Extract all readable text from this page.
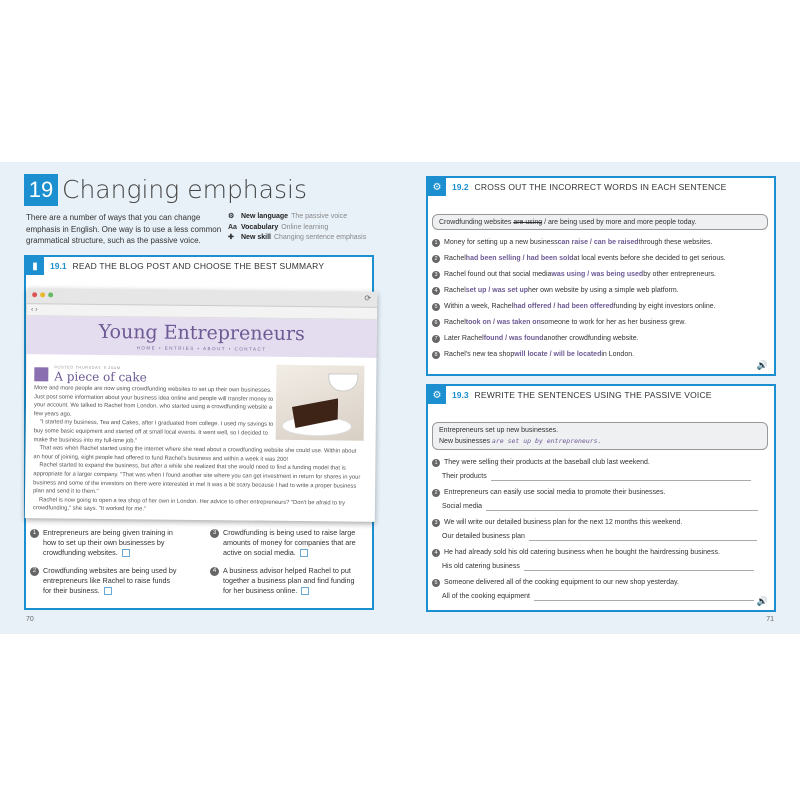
19 Changing emphasis
There are a number of ways that you can change emphasis in English. One way is to use a less common grammatical structure, such as the passive voice.
⚙ New language The passive voice
Aa Vocabulary Online learning
✚	New skill Changing sentence emphasis
▮	19.1 READ THE BLOG POST AND CHOOSE THE BEST SUMMARY
⟳
‹ ›
Young Entrepreneurs
HOME • ENTRIES • ABOUT • CONTACT
POSTED THURSDAY, 5.20AM
A piece of cake

More and more people are now using crowdfunding websites to set up their own businesses. Just post some information about your business idea online and people will transfer money to your account. We talked to Rachel from London, who started using a crowdfunding website a few years ago.

"I started my business, Tea and Cakes, after I graduated from college. I used my savings to buy some basic equipment and started off at small local events. It went well, so I decided to make the business into my full-time job."

That was when Rachel started using the internet where she read about a crowdfunding website she could use. Within about an hour of joining, eight people had offered to fund Rachel's business and within a week it was 200!

Rachel started to expand the business, but after a while she realized that she would need to find a funding model that is appropriate for a larger company. "That was when I found another site where you can get investment in return for shares in your business and some of the investors on there were interested in me! It was a bit scary because I had to write a proper business plan and send it to them."

Rachel is now going to open a tea shop of her own in London. Her advice to other entrepreneurs? "Don't be afraid to try crowdfunding," she says. "It worked for me."

1 Entrepreneurs are being given training in how to set up their own businesses by crowdfunding websites.
2 Crowdfunding websites are being used by entrepreneurs like Rachel to raise funds for their business.
3 Crowdfunding is being used to raise large amounts of money for companies that are active on social media.
4 A business advisor helped Rachel to put together a business plan and find funding for her business online.
70
⚙	19.2 CROSS OUT THE INCORRECT WORDS IN EACH SENTENCE
Crowdfunding websites are using / are being used by more and more people today.
1 Money for setting up a new business can raise / can be raised through these websites.
2 Rachel had been selling / had been sold at local events before she decided to get serious.
3 Rachel found out that social media was using / was being used by other entrepreneurs.
4 Rachel set up / was set up her own website by using a simple web platform.
5 Within a week, Rachel had offered / had been offered funding by eight investors online.
6 Rachel took on / was taken on someone to work for her as her business grew.
7 Later Rachel found / was found another crowdfunding website.
8 Rachel's new tea shop will locate / will be located in London.
🔊
⚙	19.3 REWRITE THE SENTENCES USING THE PASSIVE VOICE
Entrepreneurs set up new businesses.
New businesses are set up by entrepreneurs.
1 They were selling their products at the baseball club last weekend.
Their products
2 Entrepreneurs can easily use social media to promote their businesses.
Social media
3 We will write our detailed business plan for the next 12 months this weekend.
Our detailed business plan
4 He had already sold his old catering business when he bought the hairdressing business.
His old catering business
5 Someone delivered all of the cooking equipment to our new shop yesterday.
All of the cooking equipment	🔊
71
